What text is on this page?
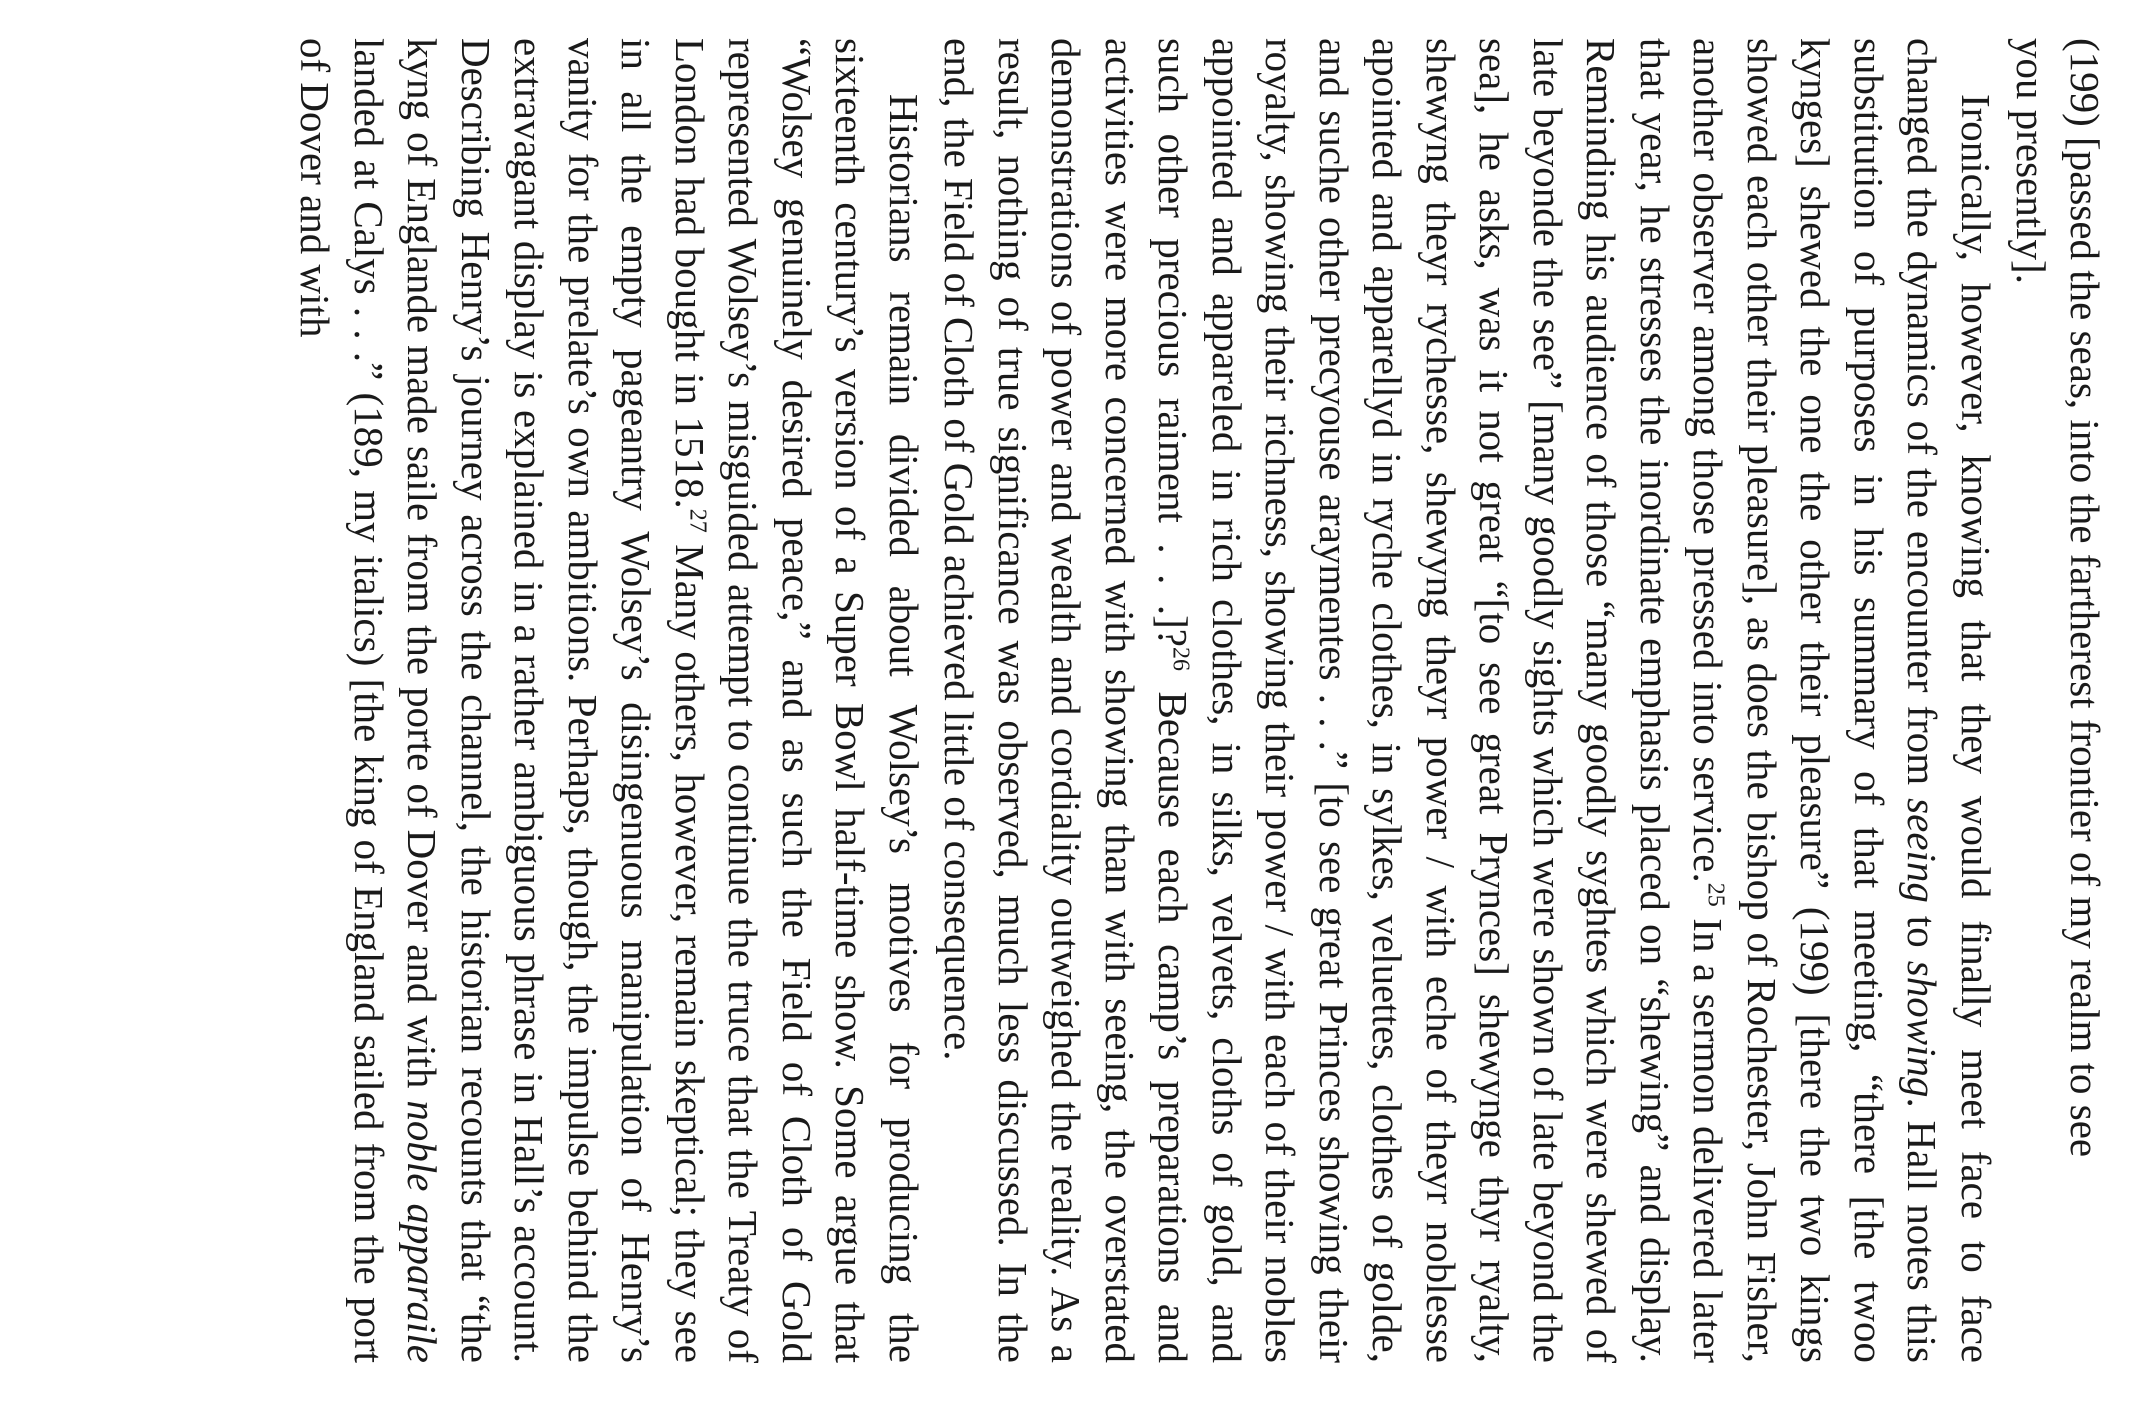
(199) [passed the seas, into the fartherest frontier of my realm to see

you presently].

Ironically, however, knowing that they would finally meet face to face changed the dynamics of the encounter from seeing to showing. Hall notes this substitution of purposes in his summary of that meeting, “there [the twoo kynges] shewed the one the other their pleasure” (199) [there the two kings showed each other their pleasure], as does the bishop of Rochester, John Fisher, another observer among those pressed into service.$^{25}$ In a sermon delivered later that year, he stresses the inordinate emphasis placed on “shewing” and display. Reminding his audience of those “many goodly syghtes which were shewed of late beyonde the see” [many goodly sights which were shown of late beyond the sea], he asks, was it not great “[to see great Prynces] shewynge thyr ryalty, shewyng theyr rychesse, shewyng theyr power / with eche of theyr noblesse apointed and apparellyd in ryche clothes, in sylkes, veluettes, clothes of golde, and suche other precyouse araymentes . . .” [to see great Princes showing their royalty, showing their richness, showing their power / with each of their nobles appointed and appareled in rich clothes, in silks, velvets, cloths of gold, and such other precious raiment . . .]?$^{26}$ Because each camp’s preparations and activities were more concerned with showing than with seeing, the overstated demonstrations of power and wealth and cordiality outweighed the reality. As a result, nothing of true significance was observed, much less discussed. In the end, the Field of Cloth of Gold achieved little of consequence.

Historians remain divided about Wolsey’s motives for producing the sixteenth century’s version of a Super Bowl half-time show. Some argue that “Wolsey genuinely desired peace,” and as such the Field of Cloth of Gold represented Wolsey’s misguided attempt to continue the truce that the Treaty of London had bought in 1518.27 Many others, however, remain skeptical; they see in all the empty pageantry Wolsey’s disingenuous manipulation of Henry’s vanity for the prelate’s own ambitions. Perhaps, though, the impulse behind the extravagant display is explained in a rather ambiguous phrase in Hall’s account. Describing Henry’s journey across the channel, the historian recounts that “the kyng of Englande made saile from the porte of Dover and with noble apparaile landed at Calys . . .” (189, my italics) [the king of England sailed from the port of Dover and with
